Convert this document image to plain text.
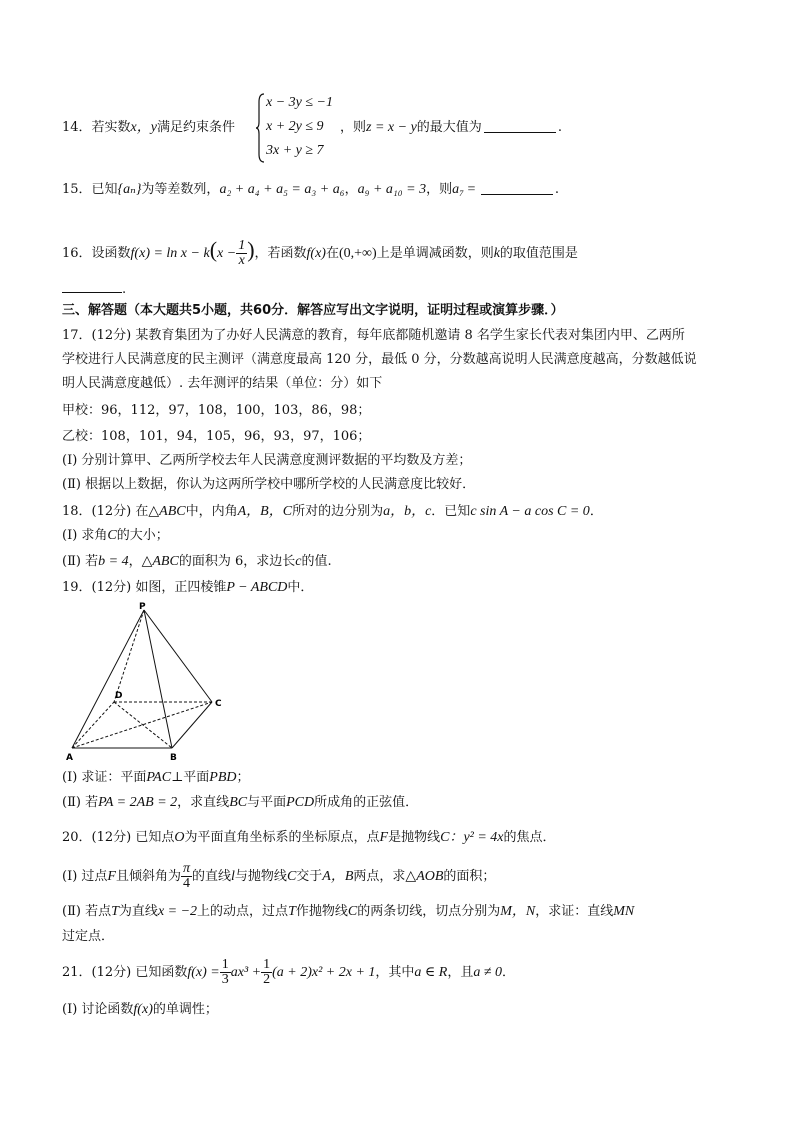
14．若实数x，y满足约束条件
x − 3y ≤ −1
x + 2y ≤ 9
3x + y ≥ 7
，则z = x − y的最大值为	.
15．已知{aₙ}为等差数列，a₂ + a₄ + a₅ = a₃ + a₆，a₉ + a₁₀ = 3，则a₇ =	.
16．设函数$f(x) = \ln x - k(x - \frac{1}{x}$ )，若函数f(x)在(0,+∞)上是单调减函数，则k的取值范围是
.
三、解答题（本大题共5小题，共60分．解答应写出文字说明，证明过程或演算步骤．）
17．(12分) 某教育集团为了办好人民满意的教育，每年底都随机邀请 8 名学生家长代表对集团内甲、乙两所
学校进行人民满意度的民主测评（满意度最高 120 分，最低 0 分，分数越高说明人民满意度越高，分数越低说
明人民满意度越低）. 去年测评的结果（单位：分）如下
甲校：96，112，97，108，100，103，86，98；
乙校：108，101，94，105，96，93，97，106；
(Ⅰ) 分别计算甲、乙两所学校去年人民满意度测评数据的平均数及方差；
(Ⅱ) 根据以上数据，你认为这两所学校中哪所学校的人民满意度比较好．
18．(12分) 在△ABC中，内角A，B，C所对的边分别为a，b，c．已知c sin A − a cos C = 0．
(Ⅰ) 求角C的大小；
(Ⅱ) 若b = 4，△ABC的面积为 6，求边长c的值.
19．(12分) 如图，正四棱锥P − ABCD中．
P
A	B
C
D
(Ⅰ) 求证：平面PAC⊥平面PBD；
(Ⅱ) 若PA = 2AB = 2，求直线BC与平面PCD所成角的正弦值．
20．(12分) 已知点O为平面直角坐标系的坐标原点，点F是抛物线C：y² = 4x的焦点．
(Ⅰ) 过点F且倾斜角为 $\frac{\pi}{4}$ 的直线l与抛物线C交于A，B两点，求△AOB的面积；
(Ⅱ) 若点T为直线x = −2上的动点，过点T作抛物线C的两条切线，切点分别为M，N，求证：直线MN
过定点．
21．(12分) 已知函数$f(x) = \frac{1}{3} ax^3 + \frac{1}{2} (a + 2)x^2 + 2x + 1$，其中a ∈ R，且a ≠ 0．
(Ⅰ) 讨论函数f(x)的单调性；
